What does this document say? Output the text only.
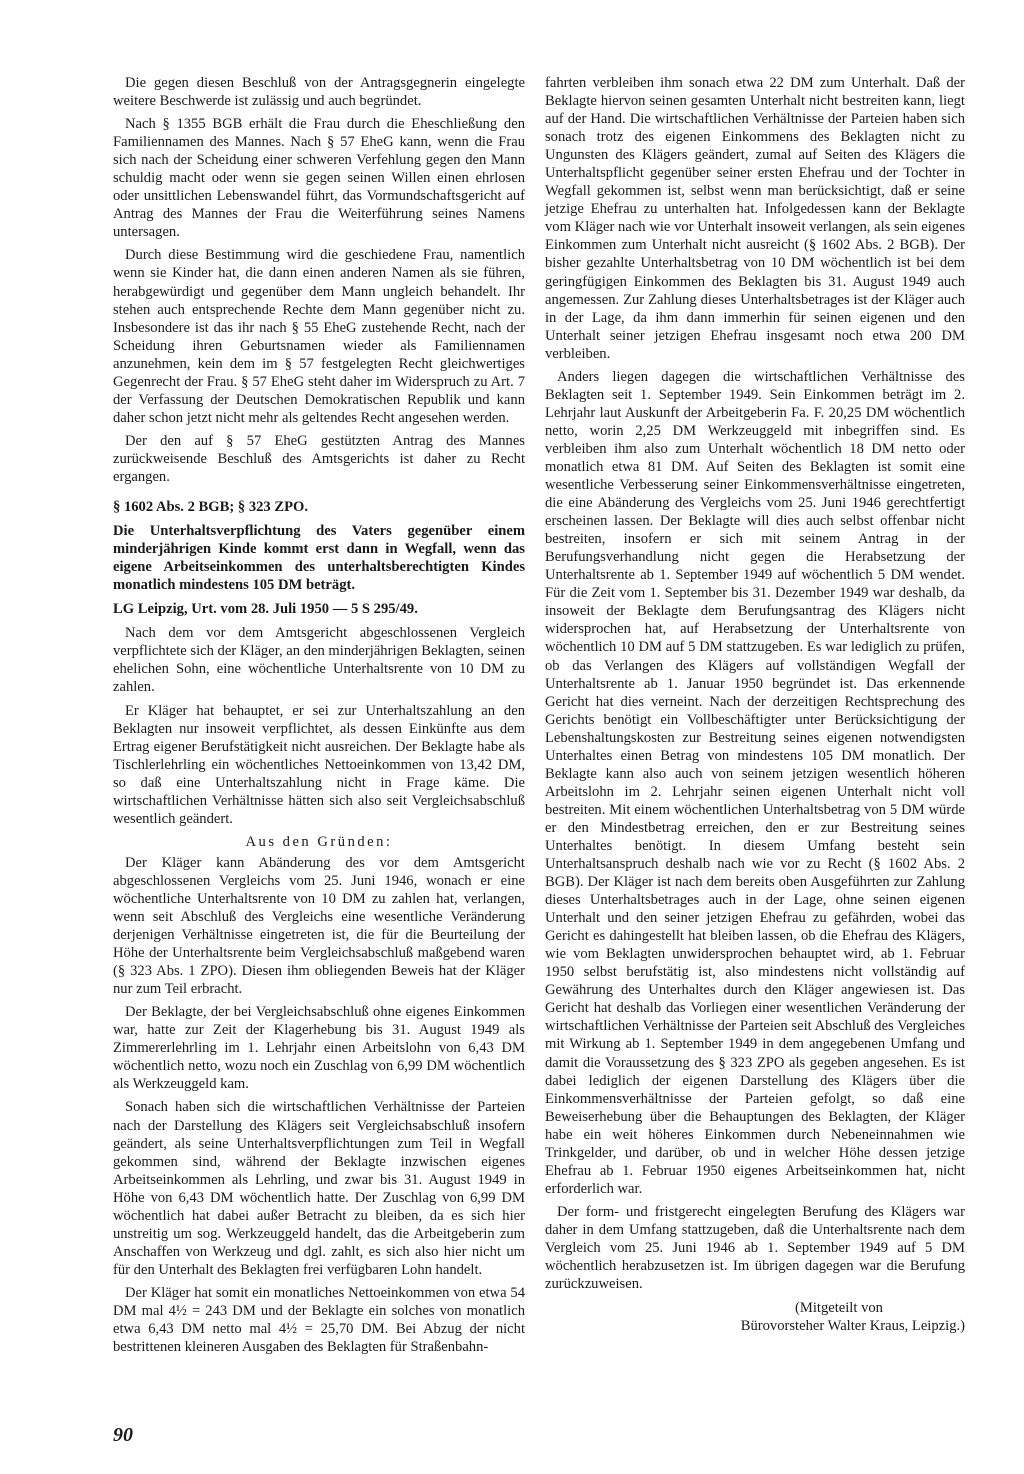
Die gegen diesen Beschluß von der Antragsgegnerin eingelegte weitere Beschwerde ist zulässig und auch begründet.

Nach § 1355 BGB erhält die Frau durch die Eheschließung den Familiennamen des Mannes. Nach § 57 EheG kann, wenn die Frau sich nach der Scheidung einer schweren Verfehlung gegen den Mann schuldig macht oder wenn sie gegen seinen Willen einen ehrlosen oder unsittlichen Lebenswandel führt, das Vormundschaftsgericht auf Antrag des Mannes der Frau die Weiterführung seines Namens untersagen.

Durch diese Bestimmung wird die geschiedene Frau, namentlich wenn sie Kinder hat, die dann einen anderen Namen als sie führen, herabgewürdigt und gegenüber dem Mann ungleich behandelt. Ihr stehen auch entsprechende Rechte dem Mann gegenüber nicht zu. Insbesondere ist das ihr nach § 55 EheG zustehende Recht, nach der Scheidung ihren Geburtsnamen wieder als Familiennamen anzunehmen, kein dem im § 57 festgelegten Recht gleichwertiges Gegenrecht der Frau. § 57 EheG steht daher im Widerspruch zu Art. 7 der Verfassung der Deutschen Demokratischen Republik und kann daher schon jetzt nicht mehr als geltendes Recht angesehen werden.

Der den auf § 57 EheG gestützten Antrag des Mannes zurückweisende Beschluß des Amtsgerichts ist daher zu Recht ergangen.

§ 1602 Abs. 2 BGB; § 323 ZPO.

Die Unterhaltsverpflichtung des Vaters gegenüber einem minderjährigen Kinde kommt erst dann in Wegfall, wenn das eigene Arbeitseinkommen des unterhaltsberechtigten Kindes monatlich mindestens 105 DM beträgt.

LG Leipzig, Urt. vom 28. Juli 1950 — 5 S 295/49.

Nach dem vor dem Amtsgericht abgeschlossenen Vergleich verpflichtete sich der Kläger, an den minderjährigen Beklagten, seinen ehelichen Sohn, eine wöchentliche Unterhaltsrente von 10 DM zu zahlen.

Er Kläger hat behauptet, er sei zur Unterhaltszahlung an den Beklagten nur insoweit verpflichtet, als dessen Einkünfte aus dem Ertrag eigener Berufstätigkeit nicht ausreichen. Der Beklagte habe als Tischlerlehrling ein wöchentliches Nettoeinkommen von 13,42 DM, so daß eine Unterhaltszahlung nicht in Frage käme. Die wirtschaftlichen Verhältnisse hätten sich also seit Vergleichsabschluß wesentlich geändert.

Aus den Gründen:

Der Kläger kann Abänderung des vor dem Amtsgericht abgeschlossenen Vergleichs vom 25. Juni 1946, wonach er eine wöchentliche Unterhaltsrente von 10 DM zu zahlen hat, verlangen, wenn seit Abschluß des Vergleichs eine wesentliche Veränderung derjenigen Verhältnisse eingetreten ist, die für die Beurteilung der Höhe der Unterhaltsrente beim Vergleichsabschluß maßgebend waren (§ 323 Abs. 1 ZPO). Diesen ihm obliegenden Beweis hat der Kläger nur zum Teil erbracht.

Der Beklagte, der bei Vergleichsabschluß ohne eigenes Einkommen war, hatte zur Zeit der Klagerhebung bis 31. August 1949 als Zimmererlehrling im 1. Lehrjahr einen Arbeitslohn von 6,43 DM wöchentlich netto, wozu noch ein Zuschlag von 6,99 DM wöchentlich als Werkzeuggeld kam.

Sonach haben sich die wirtschaftlichen Verhältnisse der Parteien nach der Darstellung des Klägers seit Vergleichsabschluß insofern geändert, als seine Unterhaltsverpflichtungen zum Teil in Wegfall gekommen sind, während der Beklagte inzwischen eigenes Arbeitseinkommen als Lehrling, und zwar bis 31. August 1949 in Höhe von 6,43 DM wöchentlich hatte. Der Zuschlag von 6,99 DM wöchentlich hat dabei außer Betracht zu bleiben, da es sich hier unstreitig um sog. Werkzeuggeld handelt, das die Arbeitgeberin zum Anschaffen von Werkzeug und dgl. zahlt, es sich also hier nicht um für den Unterhalt des Beklagten frei verfügbaren Lohn handelt.

Der Kläger hat somit ein monatliches Nettoeinkommen von etwa 54 DM mal 4½ = 243 DM und der Beklagte ein solches von monatlich etwa 6,43 DM netto mal 4½ = 25,70 DM. Bei Abzug der nicht bestrittenen kleineren Ausgaben des Beklagten für Straßenbahn-

fahrten verbleiben ihm sonach etwa 22 DM zum Unterhalt. Daß der Beklagte hiervon seinen gesamten Unterhalt nicht bestreiten kann, liegt auf der Hand. Die wirtschaftlichen Verhältnisse der Parteien haben sich sonach trotz des eigenen Einkommens des Beklagten nicht zu Ungunsten des Klägers geändert, zumal auf Seiten des Klägers die Unterhaltspflicht gegenüber seiner ersten Ehefrau und der Tochter in Wegfall gekommen ist, selbst wenn man berücksichtigt, daß er seine jetzige Ehefrau zu unterhalten hat. Infolgedessen kann der Beklagte vom Kläger nach wie vor Unterhalt insoweit verlangen, als sein eigenes Einkommen zum Unterhalt nicht ausreicht (§ 1602 Abs. 2 BGB). Der bisher gezahlte Unterhaltsbetrag von 10 DM wöchentlich ist bei dem geringfügigen Einkommen des Beklagten bis 31. August 1949 auch angemessen. Zur Zahlung dieses Unterhaltsbetrages ist der Kläger auch in der Lage, da ihm dann immerhin für seinen eigenen und den Unterhalt seiner jetzigen Ehefrau insgesamt noch etwa 200 DM verbleiben.

Anders liegen dagegen die wirtschaftlichen Verhältnisse des Beklagten seit 1. September 1949. Sein Einkommen beträgt im 2. Lehrjahr laut Auskunft der Arbeitgeberin Fa. F. 20,25 DM wöchentlich netto, worin 2,25 DM Werkzeuggeld mit inbegriffen sind. Es verbleiben ihm also zum Unterhalt wöchentlich 18 DM netto oder monatlich etwa 81 DM. Auf Seiten des Beklagten ist somit eine wesentliche Verbesserung seiner Einkommensverhältnisse eingetreten, die eine Abänderung des Vergleichs vom 25. Juni 1946 gerechtfertigt erscheinen lassen. Der Beklagte will dies auch selbst offenbar nicht bestreiten, insofern er sich mit seinem Antrag in der Berufungsverhandlung nicht gegen die Herabsetzung der Unterhaltsrente ab 1. September 1949 auf wöchentlich 5 DM wendet. Für die Zeit vom 1. September bis 31. Dezember 1949 war deshalb, da insoweit der Beklagte dem Berufungsantrag des Klägers nicht widersprochen hat, auf Herabsetzung der Unterhaltsrente von wöchentlich 10 DM auf 5 DM stattzugeben. Es war lediglich zu prüfen, ob das Verlangen des Klägers auf vollständigen Wegfall der Unterhaltsrente ab 1. Januar 1950 begründet ist. Das erkennende Gericht hat dies verneint. Nach der derzeitigen Rechtsprechung des Gerichts benötigt ein Vollbeschäftigter unter Berücksichtigung der Lebenshaltungskosten zur Bestreitung seines eigenen notwendigsten Unterhaltes einen Betrag von mindestens 105 DM monatlich. Der Beklagte kann also auch von seinem jetzigen wesentlich höheren Arbeitslohn im 2. Lehrjahr seinen eigenen Unterhalt nicht voll bestreiten. Mit einem wöchentlichen Unterhaltsbetrag von 5 DM würde er den Mindestbetrag erreichen, den er zur Bestreitung seines Unterhaltes benötigt. In diesem Umfang besteht sein Unterhaltsanspruch deshalb nach wie vor zu Recht (§ 1602 Abs. 2 BGB). Der Kläger ist nach dem bereits oben Ausgeführten zur Zahlung dieses Unterhaltsbetrages auch in der Lage, ohne seinen eigenen Unterhalt und den seiner jetzigen Ehefrau zu gefährden, wobei das Gericht es dahingestellt hat bleiben lassen, ob die Ehefrau des Klägers, wie vom Beklagten unwidersprochen behauptet wird, ab 1. Februar 1950 selbst berufstätig ist, also mindestens nicht vollständig auf Gewährung des Unterhaltes durch den Kläger angewiesen ist. Das Gericht hat deshalb das Vorliegen einer wesentlichen Veränderung der wirtschaftlichen Verhältnisse der Parteien seit Abschluß des Vergleiches mit Wirkung ab 1. September 1949 in dem angegebenen Umfang und damit die Voraussetzung des § 323 ZPO als gegeben angesehen. Es ist dabei lediglich der eigenen Darstellung des Klägers über die Einkommensverhältnisse der Parteien gefolgt, so daß eine Beweiserhebung über die Behauptungen des Beklagten, der Kläger habe ein weit höheres Einkommen durch Nebeneinnahmen wie Trinkgelder, und darüber, ob und in welcher Höhe dessen jetzige Ehefrau ab 1. Februar 1950 eigenes Arbeitseinkommen hat, nicht erforderlich war.

Der form- und fristgerecht eingelegten Berufung des Klägers war daher in dem Umfang stattzugeben, daß die Unterhaltsrente nach dem Vergleich vom 25. Juni 1946 ab 1. September 1949 auf 5 DM wöchentlich herabzusetzen ist. Im übrigen dagegen war die Berufung zurückzuweisen.

(Mitgeteilt von

Bürovorsteher Walter Kraus, Leipzig.)

90
